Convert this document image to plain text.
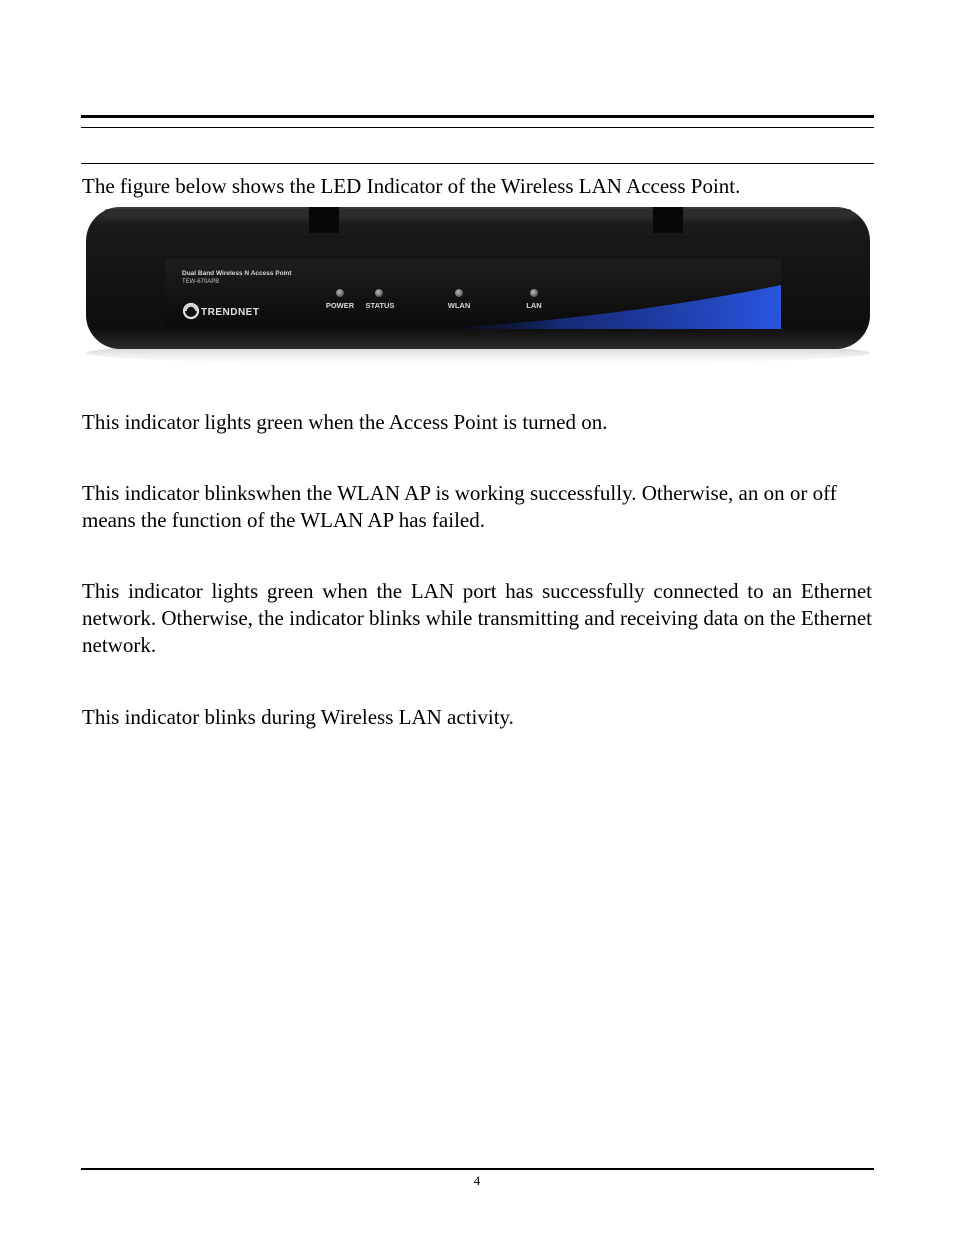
The figure below shows the LED Indicator of the Wireless LAN Access Point.

Dual Band Wireless N Access Point
TEW-670APB
TRENDNET
POWER STATUS	WLAN	LAN

This indicator lights green when the Access Point is turned on.

This indicator blinkswhen the WLAN AP is working successfully. Otherwise, an on or off means the function of the WLAN AP has failed.

This indicator lights green when the LAN port has successfully connected to an Ethernet network. Otherwise, the indicator blinks while transmitting and receiving data on the Ethernet network.

This indicator blinks during Wireless LAN activity.

4
